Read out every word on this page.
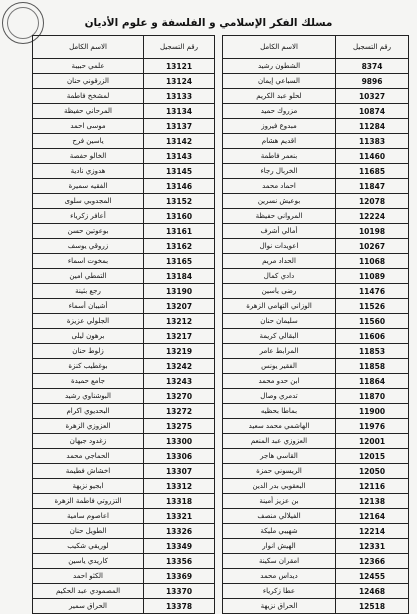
مسلك الفكر الإسلامي و الفلسفة و علوم الأديان
رقم التسجيل	الاسم الكامل
8374	الشطون رشيد
9896	السباعي إيمان
10327	لحلو عبد الكريم
10874	مزروك حميد
11284	مبدوع فيروز
11383	اقديم هشام
11460	بنعمر فاطمة
11685	الخربال رجاء
11847	احماد محمد
12078	بوعيش نسرين
12224	المرواني حفيظة
10198	أمالي أشرف
10267	اعويدات نوال
11068	الحداد مريم
11089	دادي كمال
11476	رضى ياسين
11526	الوزاني التهامي الزهرة
11560	سليمان حنان
11606	البقالي كريمة
11853	المرابط عامر
11858	الفقير يونس
11864	ابن حدو محمد
11870	تدمري وصال
11900	بماطا بحظيه
11976	الهاشمي محمد سعيد
12001	العزوزي عبد المنعم
12015	القاسي هاجر
12050	الريسوني حمزة
12116	البعقوبي بدر الدين
12138	بن عزيز أمينة
12164	الفيلالي منصف
12214	شهيبي مليكة
12331	الهيش انوار
12366	امقران سكينة
12455	ديداس محمد
12468	عطا زكرياء
12518	الحراق نزيهة
رقم التسجيل	الاسم الكامل
13121	علمي حبيبة
13124	الزرقوني حنان
13133	لمشخخ فاطمة
13134	المرحاني حفيظة
13137	موسى احمد
13142	ياسين فرح
13143	الخالو حفصة
13145	هدوزي نادية
13146	الفقيه سميرة
13152	المجدوبي سلوى
13160	أعافر زكرياء
13161	بوعوتين حسن
13162	زروقي يوسف
13165	بمخوت اسماء
13184	التمطي امين
13190	رجع بثينة
13207	أشيبان أسماء
13212	الجلولي عزيزة
13217	برهون ليلى
13219	زلوط حنان
13242	بوغطيب كنزة
13243	جامع حميدة
13270	البوشناوي رشيد
13272	البحديوي اكرام
13275	العزوزي الزهرة
13300	زغدود جيهان
13306	الحماجي محمد
13307	اخشاش فطيمة
13312	ابجيو نزيهة
13318	التزروتي فاطمة الزهرة
13321	اعاصوم سامية
13326	الطويل حنان
13349	لوريقي شكيب
13356	كاريدي ياسين
13369	الكثو احمد
13370	المصمودي عبد الحكيم
13378	الحراق سمير
